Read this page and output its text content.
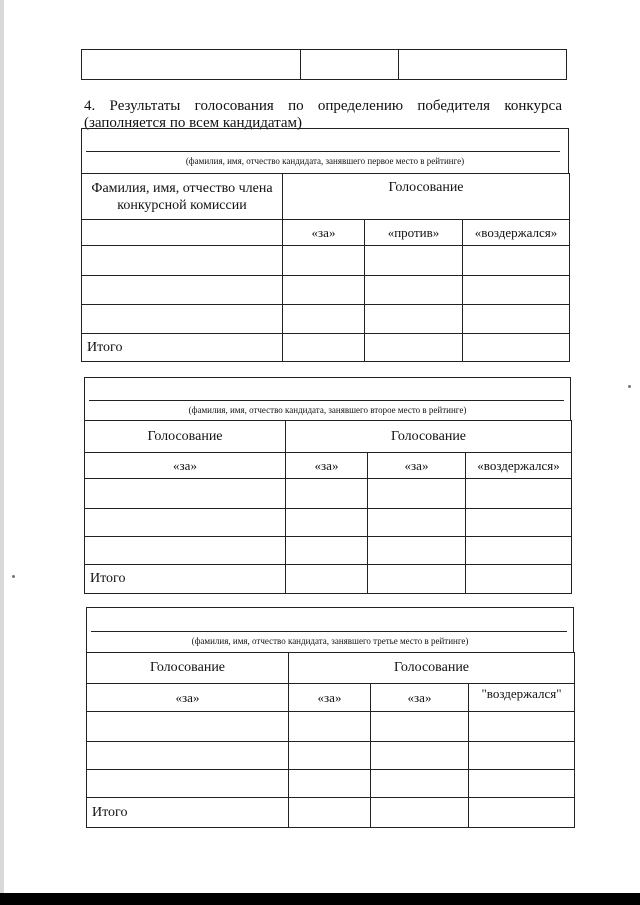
4. Результаты голосования по определению победителя конкурса
(заполняется по всем кандидатам)
(фамилия, имя, отчество кандидата, занявшего первое место в рейтинге)
Фамилия, имя, отчество члена конкурсной комиссии	Голосование		
	«за»	«против»	«воздержался»

Итого			
(фамилия, имя, отчество кандидата, занявшего второе место в рейтинге)
Голосование	Голосование		
«за»	«за»	«за»	«воздержался»

Итого			
(фамилия, имя, отчество кандидата, занявшего третье место в рейтинге)
Голосование	Голосование		
«за»	«за»	«за»	"воздержался"

Итого			
